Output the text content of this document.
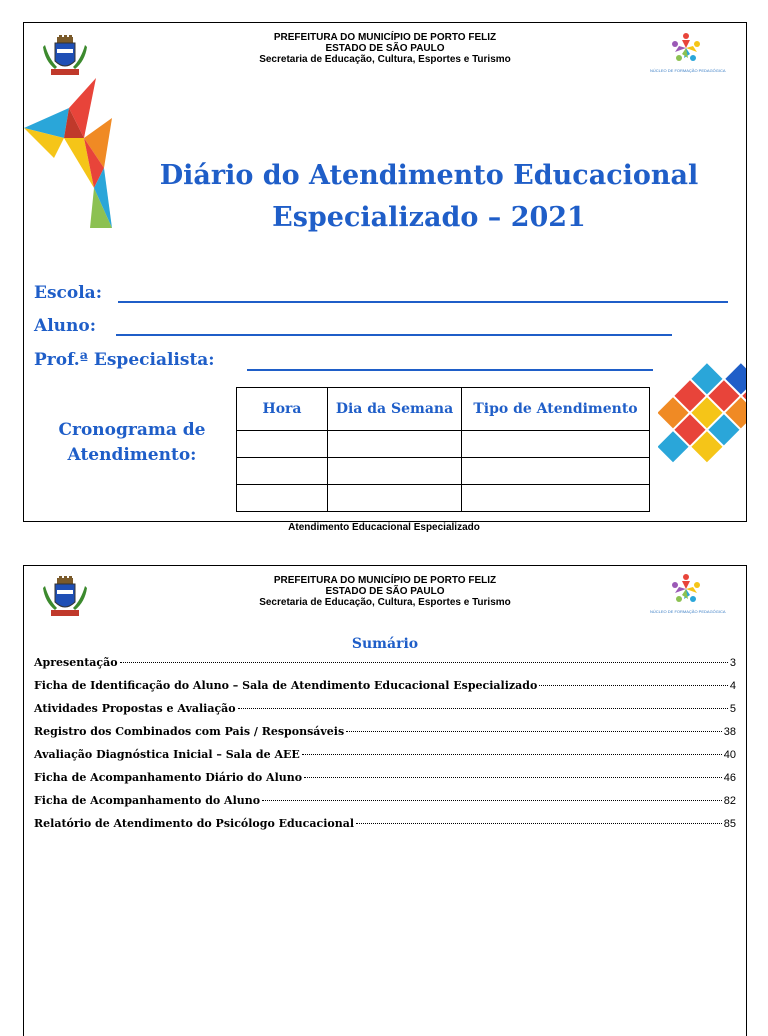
PREFEITURA DO MUNICÍPIO DE PORTO FELIZ
ESTADO DE SÃO PAULO
Secretaria de Educação, Cultura, Esportes e Turismo
NÚCLEO DE FORMAÇÃO PEDAGÓGICA
Diário do Atendimento Educacional
Especializado – 2021
Escola:
Aluno:
Prof.ª Especialista:
Cronograma de
Atendimento:
Hora	Dia da Semana	Tipo de Atendimento

Atendimento Educacional Especializado
PREFEITURA DO MUNICÍPIO DE PORTO FELIZ
ESTADO DE SÃO PAULO
Secretaria de Educação, Cultura, Esportes e Turismo
NÚCLEO DE FORMAÇÃO PEDAGÓGICA
Sumário
Apresentação	3
Ficha de Identificação do Aluno – Sala de Atendimento Educacional Especializado	4
Atividades Propostas e Avaliação	5
Registro dos Combinados com Pais / Responsáveis	38
Avaliação Diagnóstica Inicial – Sala de AEE	40
Ficha de Acompanhamento Diário do Aluno	46
Ficha de Acompanhamento do Aluno	82
Relatório de Atendimento do Psicólogo Educacional	85
